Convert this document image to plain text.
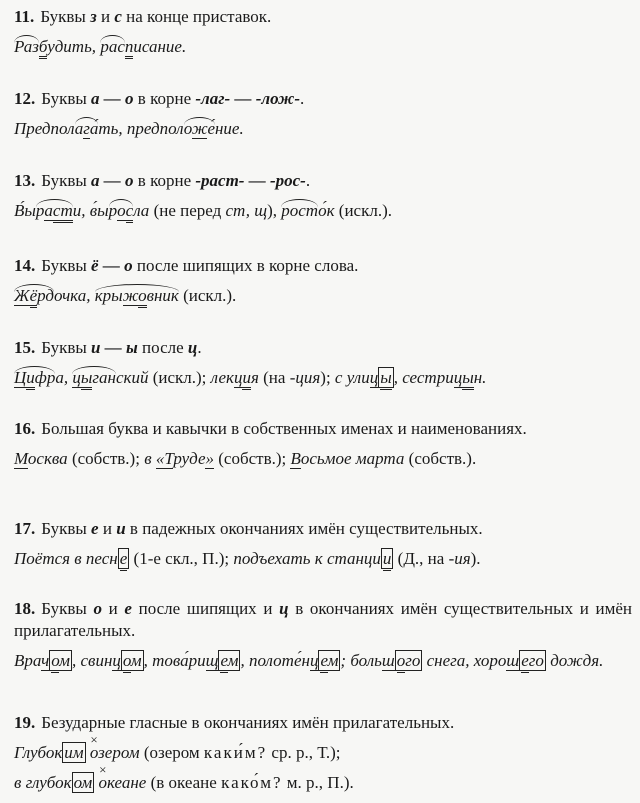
11. Буквы з и с на конце приставок.
Разбудить, расписание.
12. Буквы а — о в корне -лаг- — -лож-.
Предполага ́ть, предположе ́ние.
13. Буквы а — о в корне -раст- — -рос-.
В ́ырасти, в ́ыросла (не перед ст, щ), росто ́к (искл.).
14. Буквы ё — о после шипящих в корне слова.
Жёрдочка, крыжовник (искл.).
15. Буквы и — ы после ц.
Цифра, цыганский (искл.); лекция (на -ция); с улиц ы , сестрицын.
16. Большая буква и кавычки в собственных именах и наименованиях.
Москва (собств.); в «Труде» (собств.); Восьмое марта (собств.).
17. Буквы е и и в падежных окончаниях имён существительных.
Поётся в песн е (1-е скл., П.); подъехать к станци и (Д., на -ия).
18. Буквы о и е после шипящих и ц в окончаниях имён существительных и имён прилагательных.
Врач ом , свинц ом , това ́рищ ем , полоте ́нц ем ; больш ого снега, хорош его дождя.
19. Безударные гласные в окончаниях имён прилагательных.
Глубок им × озером (озером каки ́м? ср. р., Т.);
в глубок ом × океане (в океане како ́м? м. р., П.).
